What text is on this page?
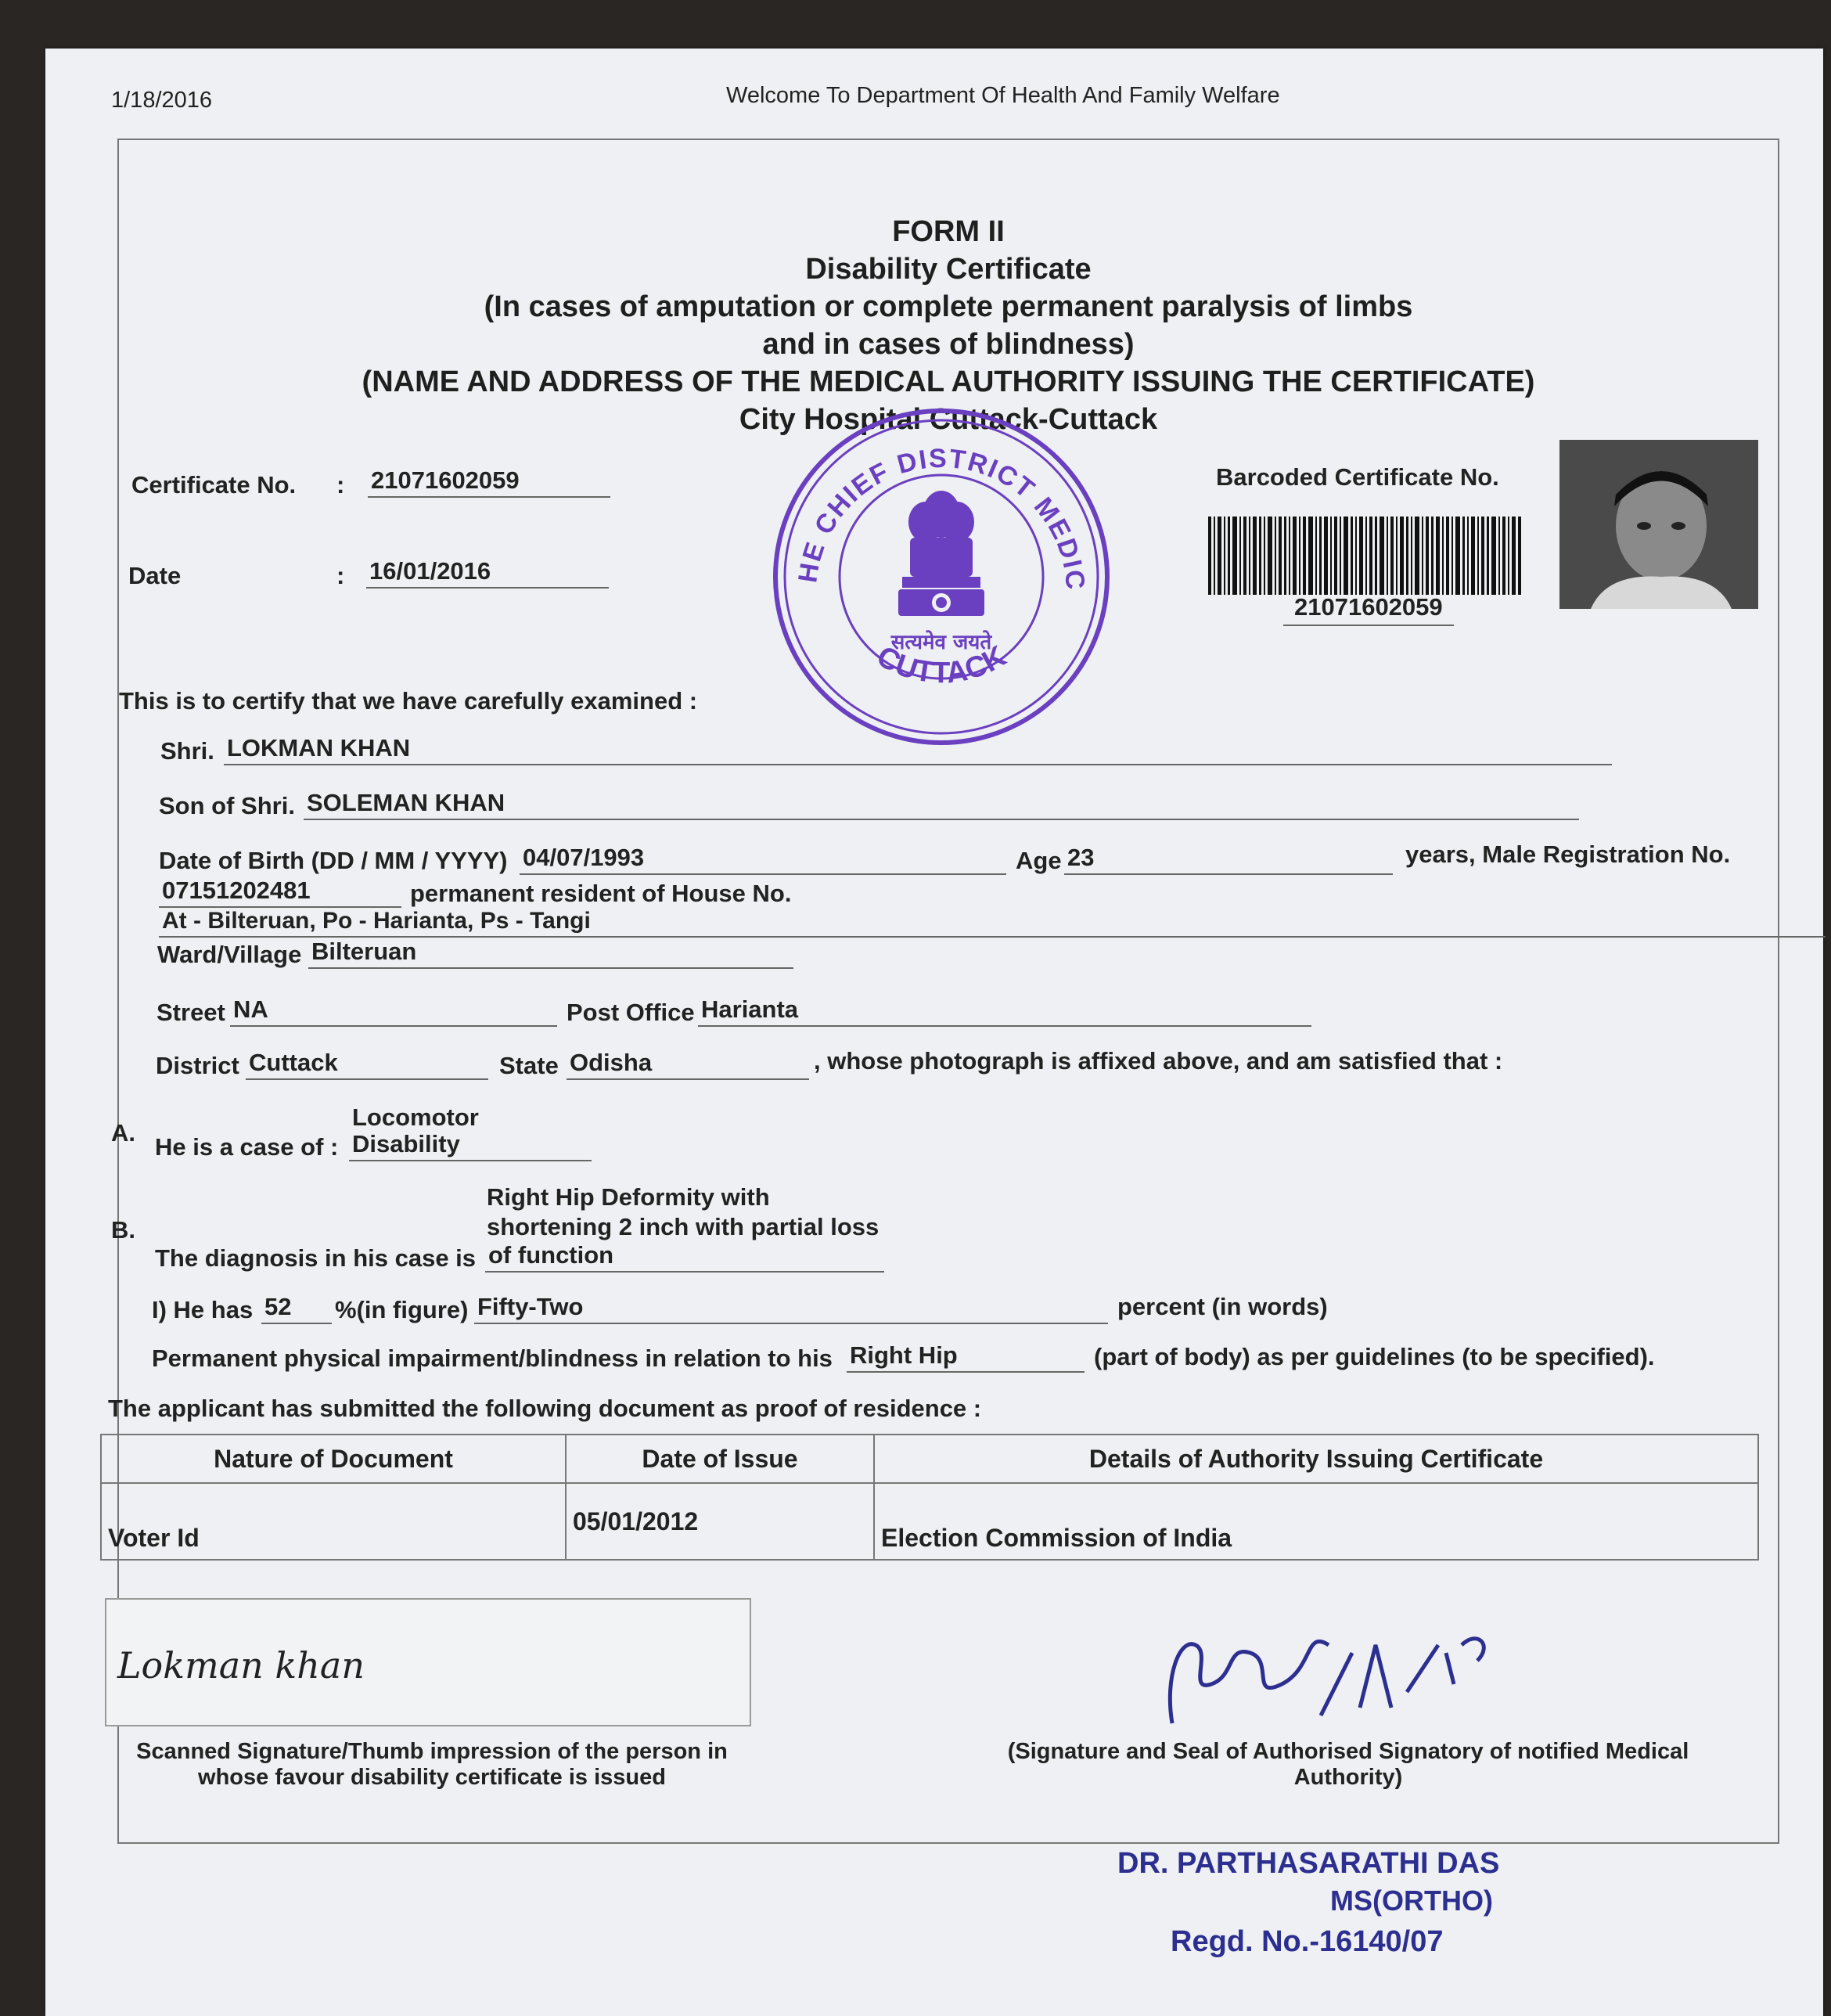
1/18/2016	Welcome To Department Of Health And Family Welfare
FORM II
Disability Certificate
(In cases of amputation or complete permanent paralysis of limbs
and in cases of blindness)
(NAME AND ADDRESS OF THE MEDICAL AUTHORITY ISSUING THE CERTIFICATE)
City Hospital Cuttack-Cuttack
Certificate No. : 21071602059
Date	: 16/01/2016	HE CHIEF DISTRICT MEDIC
CUTTACK
सत्यमेव जयते
Barcoded Certificate No.
21071602059
This is to certify that we have carefully examined :
Shri. LOKMAN KHAN
Son of Shri. SOLEMAN KHAN
Date of Birth (DD / MM / YYYY) 04/07/1993	Age 23	years, Male Registration No.
07151202481	permanent resident of House No.
At - Bilteruan, Po - Harianta, Ps - Tangi
Ward/Village Bilteruan
Street NA	Post Office Harianta
District Cuttack	State Odisha	, whose photograph is affixed above, and am satisfied that :
A.
He is a case of :
Locomotor
Disability
B.
The diagnosis in his case is
Right Hip Deformity with
shortening 2 inch with partial loss
of function
I) He has 52	%(in figure) Fifty-Two	percent (in words)
Permanent physical impairment/blindness in relation to his Right Hip	(part of body) as per guidelines (to be specified).
The applicant has submitted the following document as proof of residence :
Nature of Document	Date of Issue	Details of Authority Issuing Certificate
Voter Id	05/01/2012	Election Commission of India
Lokman khan
Scanned Signature/Thumb impression of the person in
whose favour disability certificate is issued
(Signature and Seal of Authorised Signatory of notified Medical
Authority)
DR. PARTHASARATHI DAS
MS(ORTHO)
Regd. No.-16140/07
